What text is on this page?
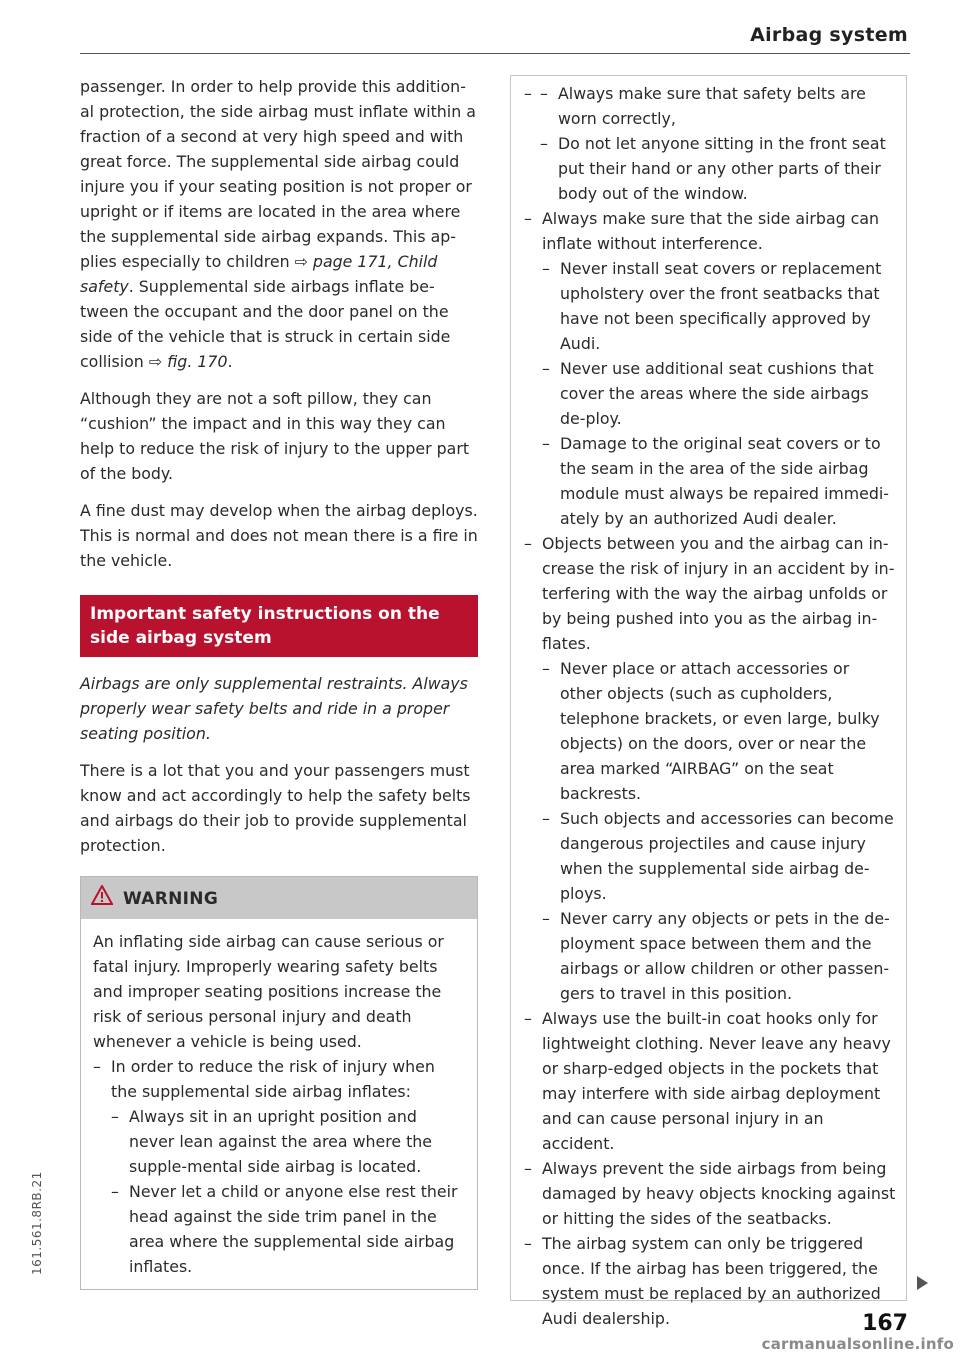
Airbag system

passenger. In order to help provide this addition-al protection, the side airbag must inflate within a fraction of a second at very high speed and with great force. The supplemental side airbag could injure you if your seating position is not proper or upright or if items are located in the area where the supplemental side airbag expands. This ap-plies especially to children ⇨ page 171, Child safety. Supplemental side airbags inflate be-tween the occupant and the door panel on the side of the vehicle that is struck in certain side collision ⇨ fig. 170.

Although they are not a soft pillow, they can “cushion” the impact and in this way they can help to reduce the risk of injury to the upper part of the body.

A fine dust may develop when the airbag deploys. This is normal and does not mean there is a fire in the vehicle.

Important safety instructions on the side airbag system

Airbags are only supplemental restraints. Always properly wear safety belts and ride in a proper seating position.

There is a lot that you and your passengers must know and act accordingly to help the safety belts and airbags do their job to provide supplemental protection.

WARNING

An inflating side airbag can cause serious or fatal injury. Improperly wearing safety belts and improper seating positions increase the risk of serious personal injury and death whenever a vehicle is being used.

– In order to reduce the risk of injury when the supplemental side airbag inflates:
– Always sit in an upright position and never lean against the area where the supple-mental side airbag is located.
– Never let a child or anyone else rest their head against the side trim panel in the area where the supplemental side airbag inflates.
– – Always make sure that safety belts are worn correctly,
– Do not let anyone sitting in the front seat put their hand or any other parts of their body out of the window.
– Always make sure that the side airbag can inflate without interference.
– Never install seat covers or replacement upholstery over the front seatbacks that have not been specifically approved by Audi.
– Never use additional seat cushions that cover the areas where the side airbags de-ploy.
– Damage to the original seat covers or to the seam in the area of the side airbag module must always be repaired immedi-ately by an authorized Audi dealer.
– Objects between you and the airbag can in-crease the risk of injury in an accident by in-terfering with the way the airbag unfolds or by being pushed into you as the airbag in-flates.
– Never place or attach accessories or other objects (such as cupholders, telephone brackets, or even large, bulky objects) on the doors, over or near the area marked “AIRBAG” on the seat backrests.
– Such objects and accessories can become dangerous projectiles and cause injury when the supplemental side airbag de-ploys.
– Never carry any objects or pets in the de-ployment space between them and the airbags or allow children or other passen-gers to travel in this position.
– Always use the built-in coat hooks only for lightweight clothing. Never leave any heavy or sharp-edged objects in the pockets that may interfere with side airbag deployment and can cause personal injury in an accident.
– Always prevent the side airbags from being damaged by heavy objects knocking against or hitting the sides of the seatbacks.
– The airbag system can only be triggered once. If the airbag has been triggered, the system must be replaced by an authorized Audi dealership.	167
161.561.8RB.21
carmanualsonline.info
